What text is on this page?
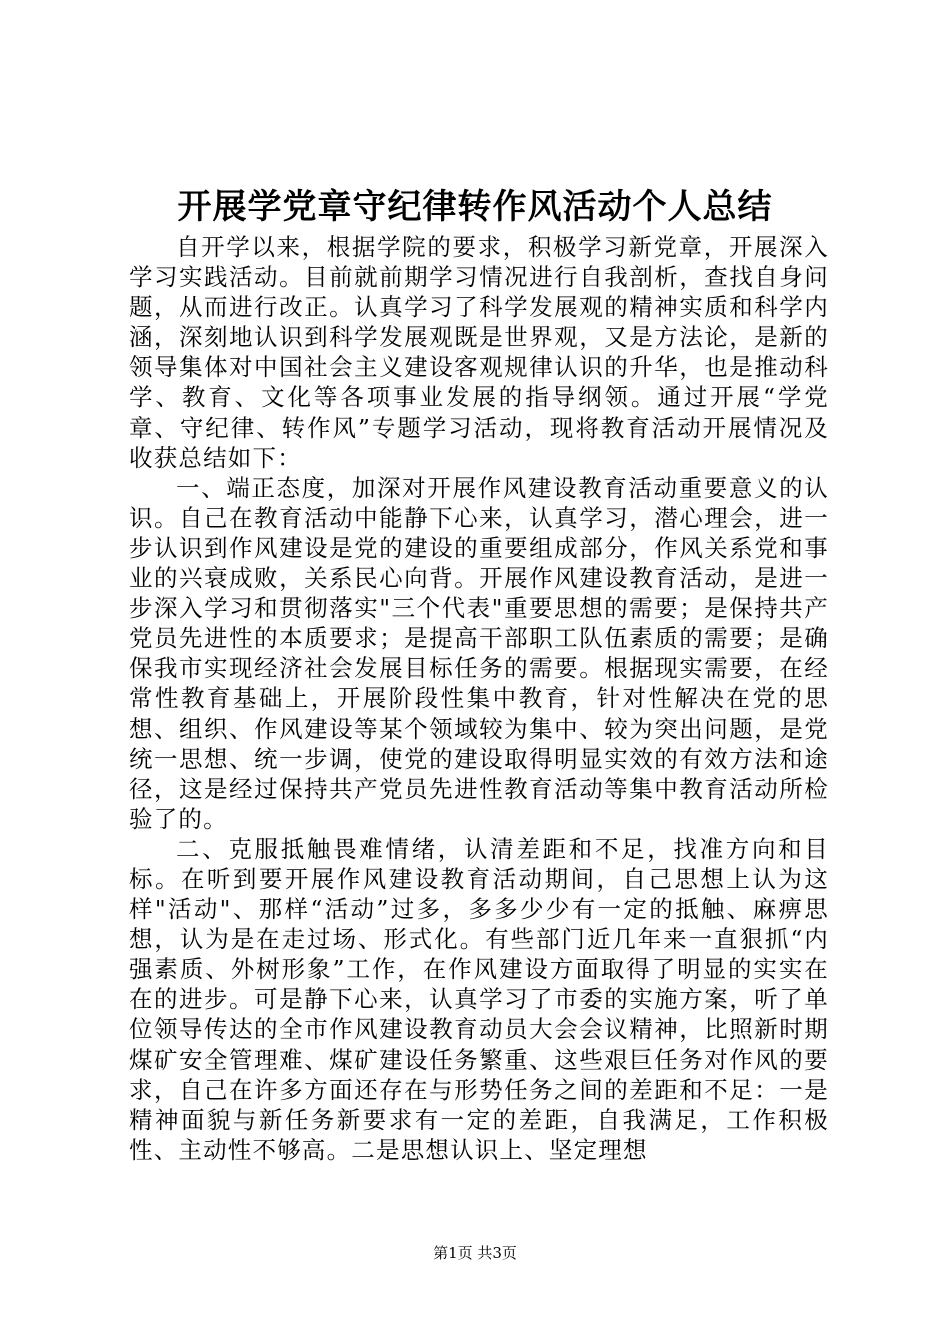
开展学党章守纪律转作风活动个人总结

自开学以来，根据学院的要求，积极学习新党章，开展深入学习实践活动。目前就前期学习情况进行自我剖析，查找自身问题，从而进行改正。认真学习了科学发展观的精神实质和科学内涵，深刻地认识到科学发展观既是世界观，又是方法论，是新的领导集体对中国社会主义建设客观规律认识的升华，也是推动科学、教育、文化等各项事业发展的指导纲领。通过开展“学党章、守纪律、转作风”专题学习活动，现将教育活动开展情况及收获总结如下：

一、端正态度，加深对开展作风建设教育活动重要意义的认识。自己在教育活动中能静下心来，认真学习，潜心理会，进一步认识到作风建设是党的建设的重要组成部分，作风关系党和事业的兴衰成败，关系民心向背。开展作风建设教育活动，是进一步深入学习和贯彻落实"三个代表"重要思想的需要；是保持共产党员先进性的本质要求；是提高干部职工队伍素质的需要；是确保我市实现经济社会发展目标任务的需要。根据现实需要，在经常性教育基础上，开展阶段性集中教育，针对性解决在党的思想、组织、作风建设等某个领域较为集中、较为突出问题，是党统一思想、统一步调，使党的建设取得明显实效的有效方法和途径，这是经过保持共产党员先进性教育活动等集中教育活动所检验了的。

二、克服抵触畏难情绪，认清差距和不足，找准方向和目标。在听到要开展作风建设教育活动期间，自己思想上认为这样"活动"、那样“活动”过多，多多少少有一定的抵触、麻痹思想，认为是在走过场、形式化。有些部门近几年来一直狠抓“内强素质、外树形象”工作，在作风建设方面取得了明显的实实在在的进步。可是静下心来，认真学习了市委的实施方案，听了单位领导传达的全市作风建设教育动员大会会议精神，比照新时期煤矿安全管理难、煤矿建设任务繁重、这些艰巨任务对作风的要求，自己在许多方面还存在与形势任务之间的差距和不足：一是精神面貌与新任务新要求有一定的差距，自我满足，工作积极性、主动性不够高。二是思想认识上、坚定理想

第1页 共3页
